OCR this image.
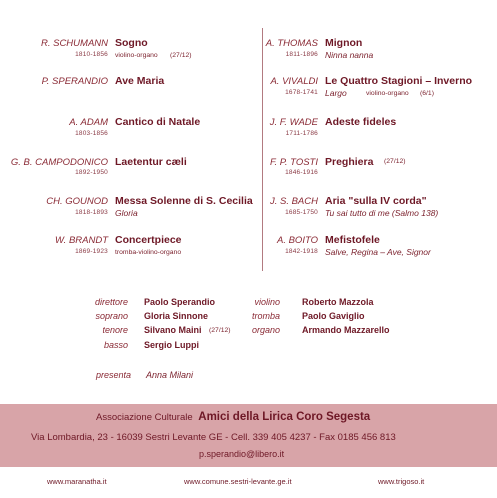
R. SCHUMANN
1810-1856
Sogno
violino-organo (27/12)
P. SPERANDIO Ave Maria
A. ADAM
1803-1856
Cantico di Natale
G. B. CAMPODONICO
1892-1950
Laetentur cæli
CH. GOUNOD
1818-1893
Messa Solenne di S. Cecilia
Gloria
W. BRANDT
1869-1923
Concertpiece
tromba-violino-organo
A. THOMAS
1811-1896
Mignon
Ninna nanna
A. VIVALDI
1678-1741
Le Quattro Stagioni – Inverno
Largo	violino-organo (6/1)
J. F. WADE
1711-1786
Adeste fideles
F. P. TOSTI
1846-1916
Preghiera (27/12)
J. S. BACH
1685-1750
Aria "sulla IV corda"
Tu sai tutto di me (Salmo 138)
A. BOITO
1842-1918
Mefistofele
Salve, Regina – Ave, Signor
direttore Paolo Sperandio
soprano Gloria Sinnone
tenore Silvano Maini (27/12)
basso Sergio Luppi
violino Roberto Mazzola
tromba Paolo Gaviglio
organo Armando Mazzarello
presenta Anna Milani
Associazione Culturale Amici della Lirica Coro Segesta
Via Lombardia, 23 - 16039 Sestri Levante GE - Cell. 339 405 4237 - Fax 0185 456 813
p.sperandio@libero.it
www.maranatha.it	www.comune.sestri-levante.ge.it	www.trigoso.it
